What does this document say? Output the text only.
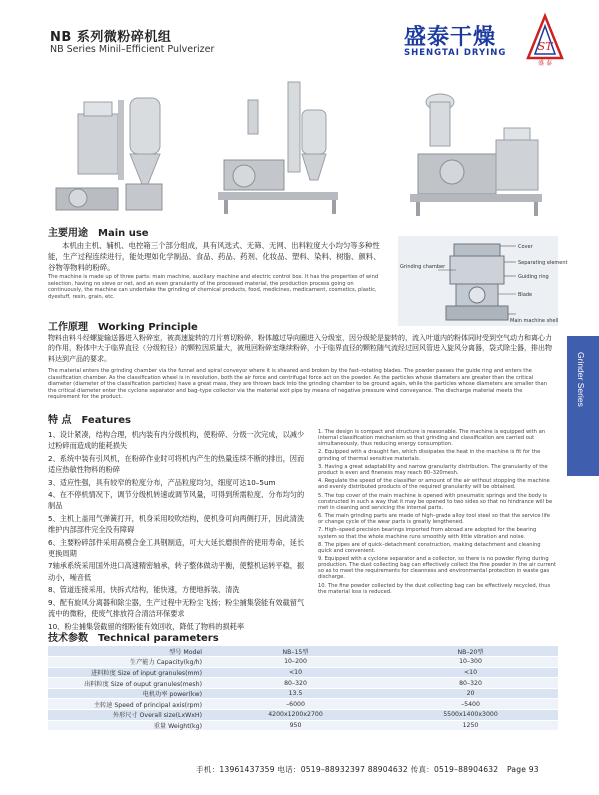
NB 系列微粉碎机组
NB Series Minil–Efficient Pulverizer	盛泰干燥
SHENGTAI DRYING	ST
盛 泰
主要用途 Main use
本机由主机、辅机、电控箱三个部分组成，具有风选式、无筛、无网、出料粒度大小均匀等多种性能，生产过程连续进行，能处理如化学制品、食品、药品、药剂、化妆品、塑料、染料、树脂、颜料、谷物等物料的粉碎。
The machine is made up of three parts: main machine, auxiliary machine and electric control box. It has the properties of wind selection, having no sieve or net, and an even granularity of the processed material, the production process going on continuously, the machine can undertake the grinding of chemical products, food, medicines, medicament, cosmetics, plastic, dyestuff, resin, grain, etc.
Cover
Separating element
Guiding ring
Blade
Grinding chamber
Main machine shell
工作原理 Working Principle
物料由料斗经螺旋输送器进入粉碎室，被高速旋转的刀片剪切粉碎，粉体越过导向圈进入分级室，因分级轮是旋转的，流入叶道内的粉体同时受到空气动力和离心力的作用，粉体中大于临界直径（分级粒径）的颗粒因质量大，被甩回粉碎室继续粉碎，小于临界直径的颗粒随气流经过回风管进入旋风分离器，袋式除尘器，排出物料达到产品的要求。
The material enters the grinding chamber via the funnel and spiral conveyor where it is sheared and broken by the fast–rotating blades. The powder passes the guide ring and enters the classification chamber. As the classification wheel is in revolution, both the air force and centrifugal force act on the powder. As the particles whose diameters are greater than the critical diameter (diameter of the classification particles) have a great mass, they are thrown back into the grinding chamber to be ground again, while the particles whose diameters are smaller than the critical diameter enter the cyclone separator and bag–type collector via the material exit pipe by means of negative pressure wind conveyance. The discharge material meets the requirement for the product.	Grinder Series
特 点 Features

1、设计紧凑，结构合理，机内装有内分级机构，使粉碎、分级一次完成，以减少过粉碎而造成的能耗损失

2、系统中装有引风机，在粉碎作业时可将机内产生的热量连续不断的排出，因而适应热敏性物料的粉碎

3、适应性强，具有较窄的粒度分布，产品粒度均匀，细度可达10–5um

4、在不停机情况下，调节分级机转速或调节风量，可得到所需粒度、分布均匀的制品

5、主机上盖用气弹簧打开，机身采用咬吹结构，使机身可向两侧打开，因此清洗维护内部部件完全没有障碍

6、主要粉碎部件采用高模合金工具钢制造，可大大延长磨损件的使用寿命，延长更换周期

7轴承系统采用国外进口高速精密轴承，转子整体做动平衡，使整机运转平稳，振动小，噪音低

8、管道连接采用，快拆式结构，能快速，方便地拆装、清洗

9、配有旋风分离器和除尘器，生产过程中无粉尘飞扬；粉尘捕集袋能有效截留气流中的微粉，使废气排放符合清洁环保要求

10、粉尘捕集袋截留的细粉能有效回收，降低了物料的损耗率

1. The design is compact and structure is reasonable. The machine is equipped with an internal classification mechanism so that grinding and classification are carried out simultaneously, thus reducing energy consumption.

2. Equipped with a draught fan, which dissipates the heat in the machine is fit for the grinding of thermal sensitive materials.

3. Having a great adaptability and narrow granularity distribution. The granularity of the product is even and fineness may reach 80–320mesh.

4. Regulate the speed of the classifier or amount of the air without stopping the machine and evenly distributed products of the required granularity will be obtained.

5. The top cover of the main machine is opened with pneumatic springs and the body is constructed in such a way that it may be opened to two sides so that no hindrance will be met in cleaning and servicing the internal parts.

6. The main grinding parts are made of high–grade alloy tool steel so that the service life or change cycle of the wear parts is greatly lengthened.

7. High–speed precision bearings imported from abroad are adopted for the bearing system so that the whole machine runs smoothly with little vibration and noise.

8. The pipes are of quick–detachment construction, making detachment and cleaning quick and convenient.

9. Equipped with a cyclone separator and a collector, so there is no powder flying during production. The dust collecting bag can effectively collect the fine powder in the air current so as to meet the requirements for cleanness and environmental protection in waste gas discharge.

10. The fine powder collected by the dust collecting bag can be effectively recycled, thus the material loss is reduced.

技术参数 Technical parameters
型号 Model	NB–15型	NB–20型
生产能力 Capacity(kg/h)	10–200	10–300
进料粒度 Size of input granules(mm)	<10	<10
出料粒度 Size of ouput granules(mesh)	80–320	80–320
电机功率 power(kw)	13.5	20
主转速 Speed of principal axis(rpm)	–6000	–5400
外形尺寸 Overall size(LxWxH)	4200x1200x2700	5500x1400x3000
重量 Weight(kg)	950	1250
手机：13961437359 电话：0519–88932397 88904632 传真：0519–88904632 Page 93
